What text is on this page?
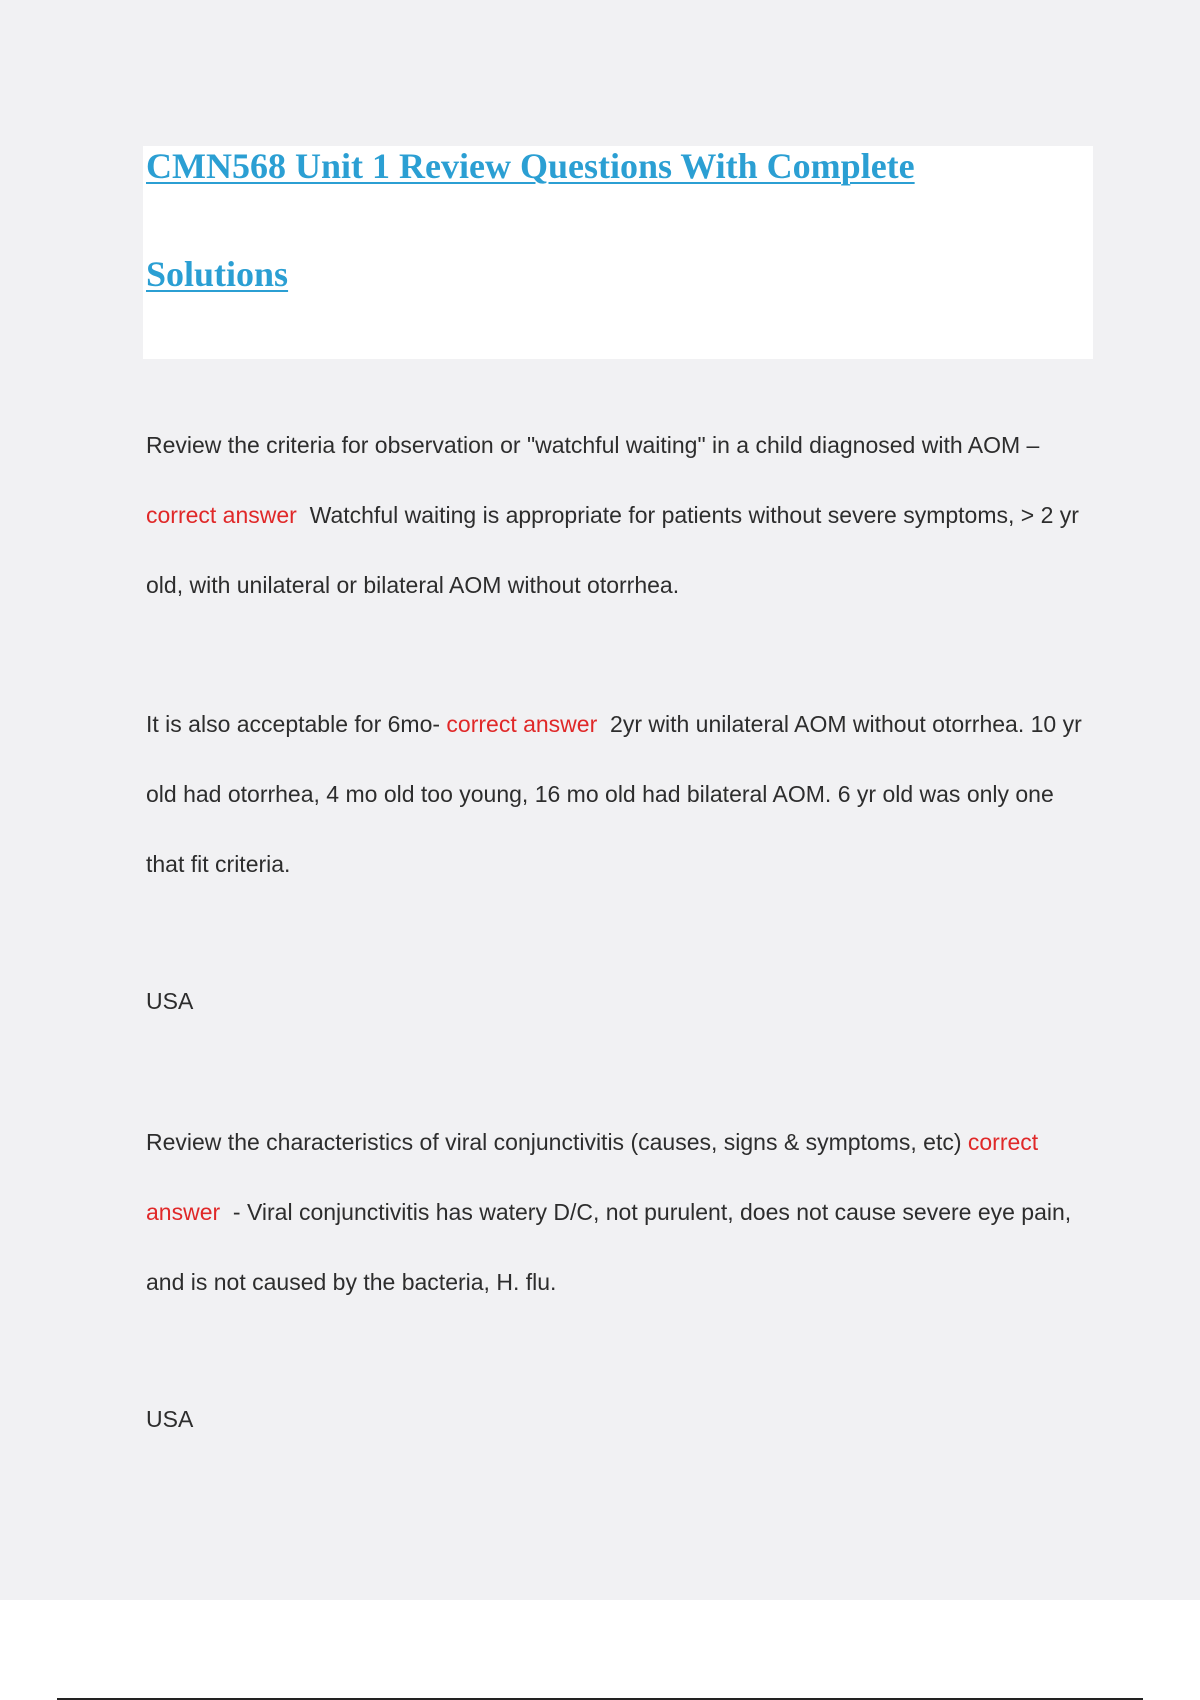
CMN568 Unit 1 Review Questions With Complete
Solutions
Review the criteria for observation or "watchful waiting" in a child diagnosed with AOM – correct answer  Watchful waiting is appropriate for patients without severe symptoms, > 2 yr old, with unilateral or bilateral AOM without otorrhea.
It is also acceptable for 6mo- correct answer  2yr with unilateral AOM without otorrhea. 10 yr old had otorrhea, 4 mo old too young, 16 mo old had bilateral AOM. 6 yr old was only one that fit criteria.
USA
Review the characteristics of viral conjunctivitis (causes, signs & symptoms, etc) correct answer  - Viral conjunctivitis has watery D/C, not purulent, does not cause severe eye pain, and is not caused by the bacteria, H. flu.
USA
